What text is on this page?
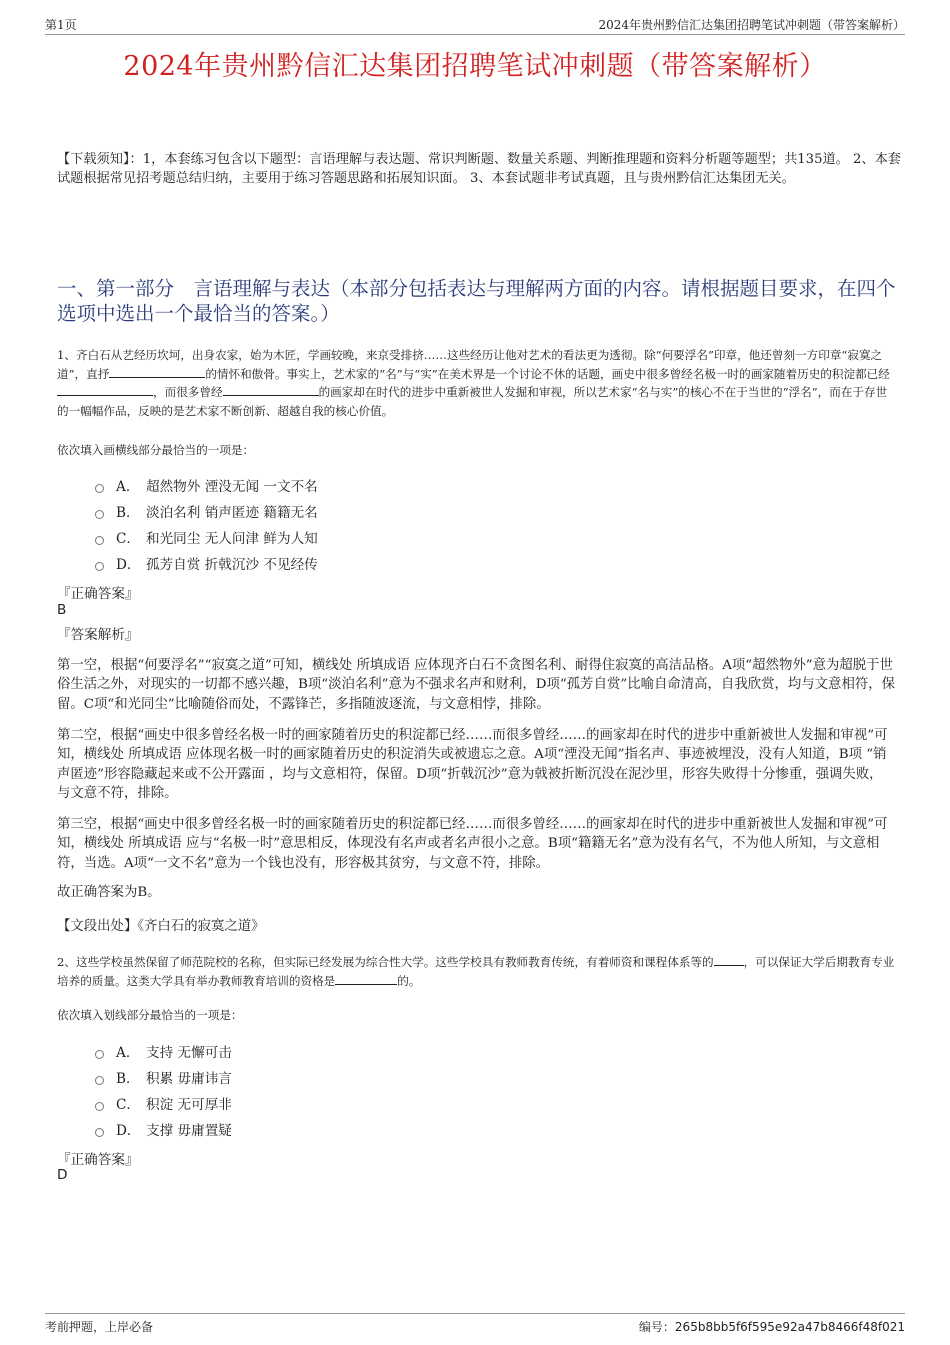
第1页	2024年贵州黔信汇达集团招聘笔试冲刺题（带答案解析）
2024年贵州黔信汇达集团招聘笔试冲刺题（带答案解析）
【下载须知】：1，本套练习包含以下题型：言语理解与表达题、常识判断题、数量关系题、判断推理题和资料分析题等题型；共135道。 2、本套试题根据常见招考题总结归纳，主要用于练习答题思路和拓展知识面。 3、本套试题非考试真题，且与贵州黔信汇达集团无关。
一、第一部分　言语理解与表达（本部分包括表达与理解两方面的内容。请根据题目要求，在四个选项中选出一个最恰当的答案。）
1、齐白石从艺经历坎坷，出身农家，始为木匠，学画较晚，来京受排挤……这些经历让他对艺术的看法更为透彻。除“何要浮名”印章，他还曾刻一方印章“寂寞之道”，直抒	的情怀和傲骨。事实上，艺术家的“名”与“实”在美术界是一个讨论不休的话题，画史中很多曾经名极一时的画家随着历史的积淀都已经，而很多曾经	的画家却在时代的进步中重新被世人发掘和审视，所以艺术家“名与实”的核心不在于当世的“浮名”，而在于存世的一幅幅作品，反映的是艺术家不断创新、超越自我的核心价值。
依次填入画横线部分最恰当的一项是：
A． 超然物外 湮没无闻 一文不名
B． 淡泊名利 销声匿迹 籍籍无名
C． 和光同尘 无人问津 鲜为人知
D． 孤芳自赏 折戟沉沙 不见经传
『正确答案』
B
『答案解析』
第一空，根据“何要浮名”“寂寞之道”可知，横线处 所填成语 应体现齐白石不贪图名利、耐得住寂寞的高洁品格。A项“超然物外”意为超脱于世俗生活之外，对现实的一切都不感兴趣，B项“淡泊名利”意为不强求名声和财利，D项“孤芳自赏”比喻自命清高，自我欣赏，均与文意相符，保留。C项“和光同尘”比喻随俗而处，不露锋芒，多指随波逐流，与文意相悖，排除。
第二空，根据“画史中很多曾经名极一时的画家随着历史的积淀都已经……而很多曾经……的画家却在时代的进步中重新被世人发掘和审视”可知，横线处 所填成语 应体现名极一时的画家随着历史的积淀消失或被遗忘之意。A项“湮没无闻”指名声、事迹被埋没，没有人知道，B项 “销声匿迹”形容隐藏起来或不公开露面 ，均与文意相符，保留。D项“折戟沉沙”意为戟被折断沉没在泥沙里，形容失败得十分惨重，强调失败，与文意不符，排除。
第三空，根据“画史中很多曾经名极一时的画家随着历史的积淀都已经……而很多曾经……的画家却在时代的进步中重新被世人发掘和审视”可知，横线处 所填成语 应与“名极一时”意思相反，体现没有名声或者名声很小之意。B项“籍籍无名”意为没有名气，不为他人所知，与文意相符，当选。A项“一文不名”意为一个钱也没有，形容极其贫穷，与文意不符，排除。
故正确答案为B。
【文段出处】《齐白石的寂寞之道》
2、这些学校虽然保留了师范院校的名称，但实际已经发展为综合性大学。这些学校具有教师教育传统，有着师资和课程体系等的	，可以保证大学后期教育专业培养的质量。这类大学具有举办教师教育培训的资格是	的。
依次填入划线部分最恰当的一项是：
A． 支持 无懈可击
B． 积累 毋庸讳言
C． 积淀 无可厚非
D． 支撑 毋庸置疑
『正确答案』
D
考前押题，上岸必备	编号：265b8bb5f6f595e92a47b8466f48f021
